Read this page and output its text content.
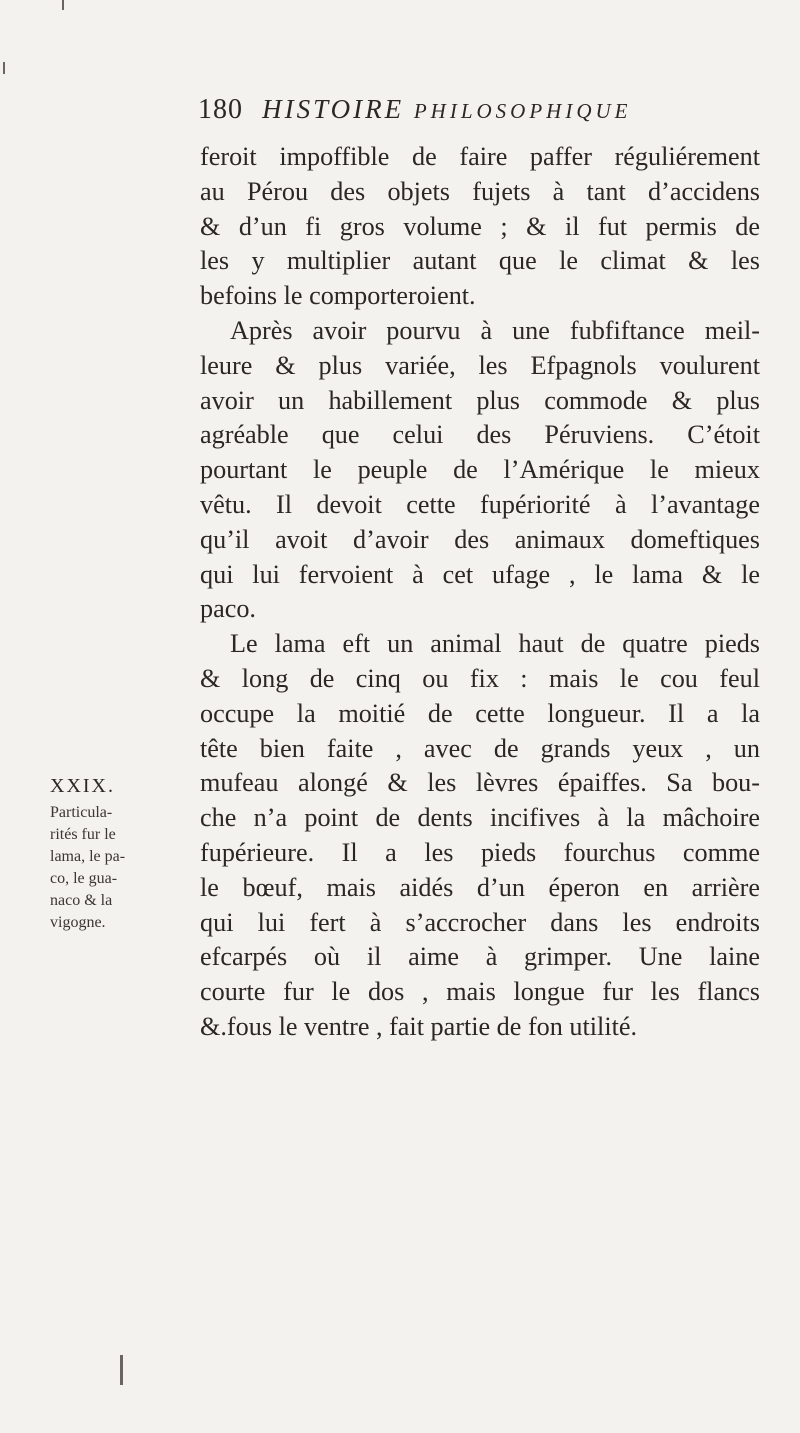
180 HISTOIRE PHILOSOPHIQUE
feroit impoffible de faire paffer réguliérement
au Pérou des objets fujets à tant d’accidens
& d’un fi gros volume ; & il fut permis de
les y multiplier autant que le climat & les
befoins le comporteroient.
Après avoir pourvu à une fubfiftance meil-
leure & plus variée, les Efpagnols voulurent
avoir un habillement plus commode & plus
agréable que celui des Péruviens. C’étoit
pourtant le peuple de l’Amérique le mieux
vêtu. Il devoit cette fupériorité à l’avantage
qu’il avoit d’avoir des animaux domeftiques
qui lui fervoient à cet ufage , le lama & le
paco.
Le lama eft un animal haut de quatre pieds
& long de cinq ou fix : mais le cou feul
occupe la moitié de cette longueur. Il a la
tête bien faite , avec de grands yeux , un
mufeau alongé & les lèvres épaiffes. Sa bou-
che n’a point de dents incifives à la mâchoire
fupérieure. Il a les pieds fourchus comme
le bœuf, mais aidés d’un éperon en arrière
qui lui fert à s’accrocher dans les endroits
efcarpés où il aime à grimper. Une laine
courte fur le dos , mais longue fur les flancs
&.fous le ventre , fait partie de fon utilité.
XXIX.
Particula-
rités fur le
lama, le pa-
co, le gua-
naco & la
vigogne.
